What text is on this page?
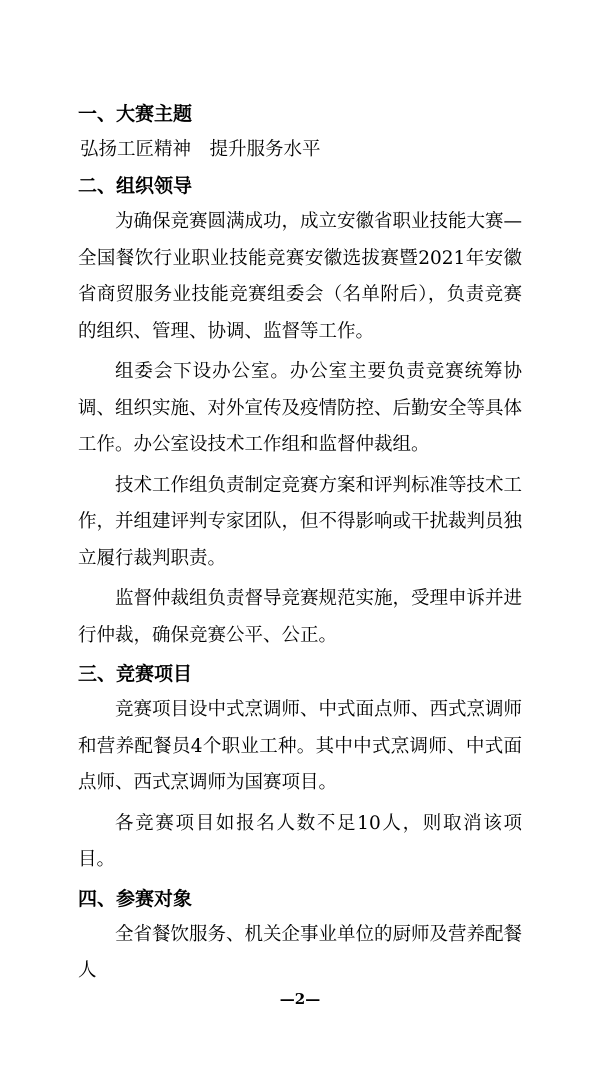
一、大赛主题

弘扬工匠精神　提升服务水平

二、组织领导

为确保竞赛圆满成功，成立安徽省职业技能大赛—全国餐饮行业职业技能竞赛安徽选拔赛暨2021年安徽省商贸服务业技能竞赛组委会（名单附后），负责竞赛的组织、管理、协调、监督等工作。

组委会下设办公室。办公室主要负责竞赛统筹协调、组织实施、对外宣传及疫情防控、后勤安全等具体工作。办公室设技术工作组和监督仲裁组。

技术工作组负责制定竞赛方案和评判标准等技术工作，并组建评判专家团队，但不得影响或干扰裁判员独立履行裁判职责。

监督仲裁组负责督导竞赛规范实施，受理申诉并进行仲裁，确保竞赛公平、公正。

三、竞赛项目

竞赛项目设中式烹调师、中式面点师、西式烹调师和营养配餐员4个职业工种。其中中式烹调师、中式面点师、西式烹调师为国赛项目。

各竞赛项目如报名人数不足10人，则取消该项目。

四、参赛对象

全省餐饮服务、机关企事业单位的厨师及营养配餐人

—2—
